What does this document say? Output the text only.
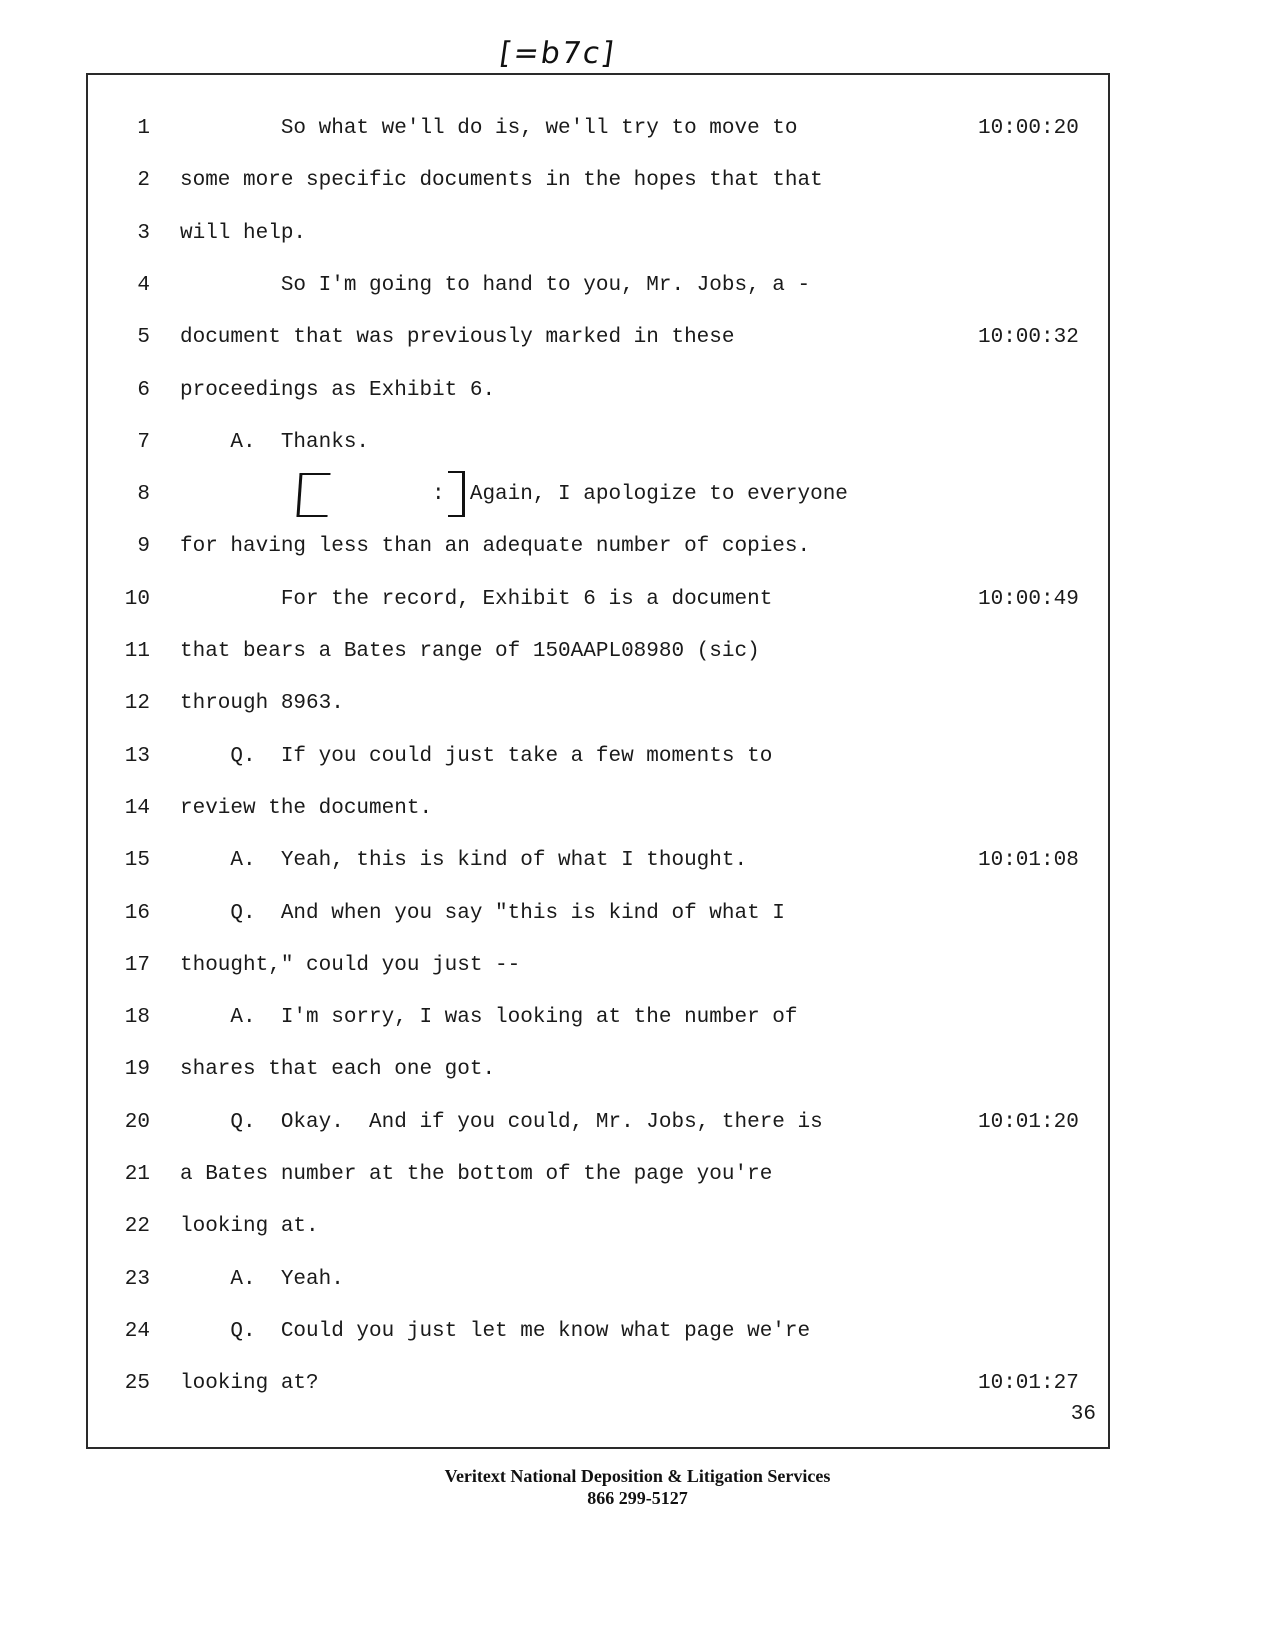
[=b7c]
1 So what we'll do is, we'll try to move to	10:00:20
2 some more specific documents in the hopes that that
3 will help.
4 So I'm going to hand to you, Mr. Jobs, a -
5 document that was previously marked in these	10:00:32
6 proceedings as Exhibit 6.
7 A.  Thanks.
8 :  Again, I apologize to everyone
9 for having less than an adequate number of copies.
10 For the record, Exhibit 6 is a document	10:00:49
11 that bears a Bates range of 150AAPL08980 (sic)
12 through 8963.
13 Q.  If you could just take a few moments to
14 review the document.
15 A.  Yeah, this is kind of what I thought.	10:01:08
16 Q.  And when you say "this is kind of what I
17 thought," could you just --
18 A.  I'm sorry, I was looking at the number of
19 shares that each one got.
20 Q.  Okay.  And if you could, Mr. Jobs, there is	10:01:20
21 a Bates number at the bottom of the page you're
22 looking at.
23 A.  Yeah.
24 Q.  Could you just let me know what page we're
25 looking at?	10:01:27
36
Veritext National Deposition & Litigation Services
866 299-5127
